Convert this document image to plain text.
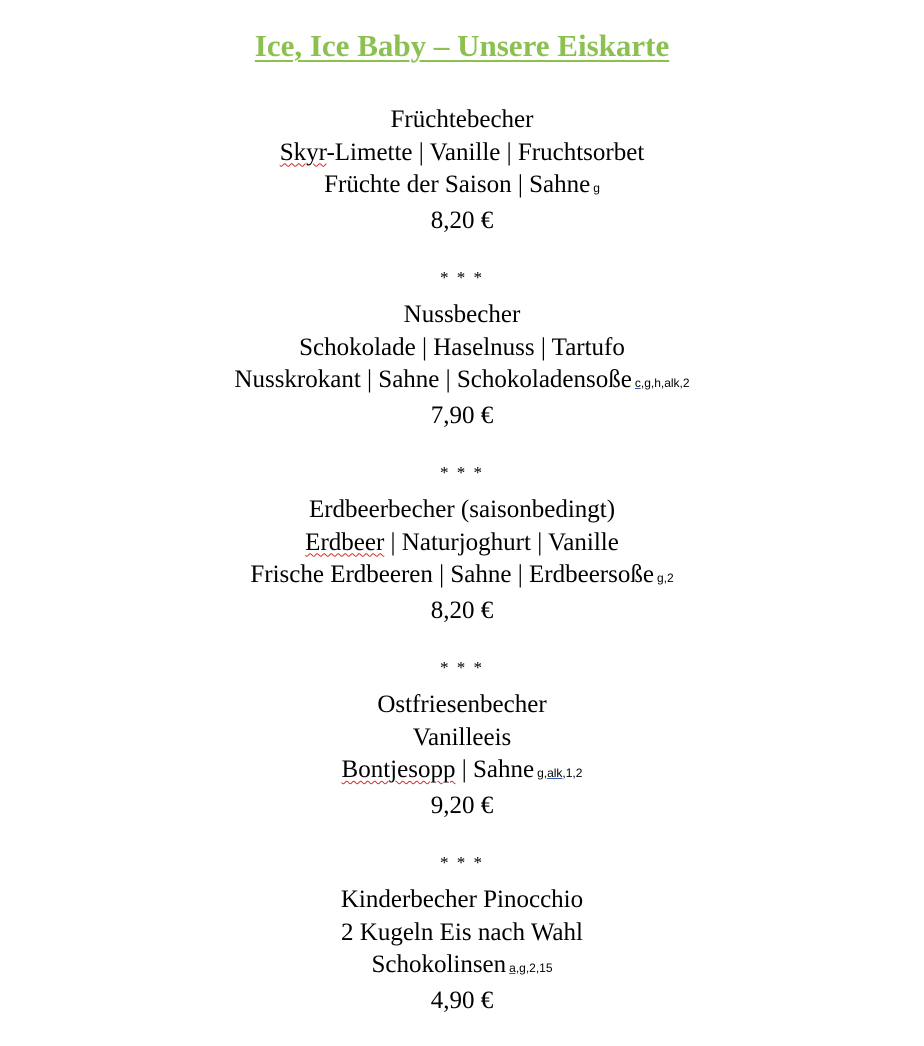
Ice, Ice Baby – Unsere Eiskarte
Früchtebecher
Skyr-Limette | Vanille | Fruchtsorbet
Früchte der Saison | Sahne g
8,20 €
* * *
Nussbecher
Schokolade | Haselnuss | Tartufo
Nusskrokant | Sahne | Schokoladensoße c,g,h,alk,2
7,90 €
* * *
Erdbeerbecher (saisonbedingt)
Erdbeer | Naturjoghurt | Vanille
Frische Erdbeeren | Sahne | Erdbeersoße g,2
8,20 €
* * *
Ostfriesenbecher
Vanilleeis
Bontjesopp | Sahne g,alk,1,2
9,20 €
* * *
Kinderbecher Pinocchio
2 Kugeln Eis nach Wahl
Schokolinsen a,g,2,15
4,90 €
